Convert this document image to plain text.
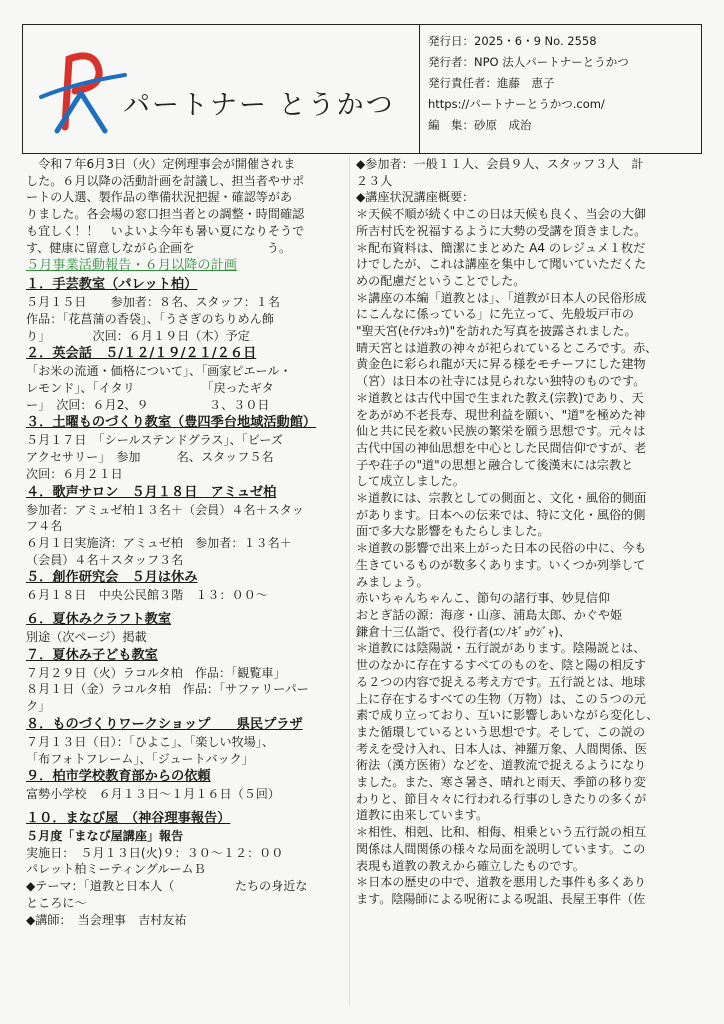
パートナー とうかつ
発行日：2025・6・9 No. 2558
発行者：NPO 法人パートナーとうかつ
発行責任者：進藤　恵子
https://パートナーとうかつ.com/
編　集：砂原　成治

　令和７年6月3日（火）定例理事会が開催されま

した。６月以降の活動計画を討議し、担当者やサポ

ートの人選、製作品の準備状況把握・確認等があ

りました。各会場の窓口担当者との調整・時間確認

も宜しく！！　いよいよ今年も暑い夏になりそうで

す、健康に留意しながら企画を　　　　　　う。

５月事業活動報告・６月以降の計画

１．手芸教室（パレット柏）

５月１５日　　参加者：８名、スタッフ：１名

作品：「花菖蒲の香袋」、「うさぎのちりめん飾

り」　　　　次回：６月１９日（木）予定

２．英会話　５/１２/１９/２１/２６日

「お米の流通・価格について」、「画家ピエール・

レモンド」、「イタリ　　　　　　「戻ったギタ

ー」　次回：６月2、９　　　　　３、３０日

３．土曜ものづくり教室（豊四季台地域活動館）

５月１７日　「シールステンドグラス」、「ビーズ

アクセサリー」　参加　　　名、スタッフ５名

次回：６月２１日

４．歌声サロン　５月１８日　アミュゼ柏

参加者：アミュゼ柏１３名＋（会員）４名＋スタッ

フ４名

６月１日実施済：アミュゼ柏　参加者：１３名＋

（会員）４名＋スタッフ３名

５．創作研究会　５月は休み

６月１８日　中央公民館３階　１３：００～

６．夏休みクラフト教室

別途（次ページ）掲載

７．夏休み子ども教室

７月２９日（火）ラコルタ柏　作品：「観覧車」

８月１日（金）ラコルタ柏　作品：「サファリーパー

ク」

８．ものづくりワークショップ　　県民プラザ

７月１３日（日）：「ひよこ」、「楽しい牧場」、

「布フォトフレーム」、「ジュートバック」

９．柏市学校教育部からの依頼

富勢小学校　６月１３日～１月１６日（５回）

１０．まなび屋　（神谷理事報告）

５月度「まなび屋講座」報告

実施日：　５月１３日(火)９：３０～１２：００

パレット柏ミーティングルームＢ

◆テーマ：「道教と日本人（　　　　　たちの身近な

ところに～

◆講師：　当会理事　吉村友祐

◆参加者：一般１１人、会員９人、スタッフ３人　計

２３人

◆講座状況講座概要：

＊天候不順が続く中この日は天候も良く、当会の大御

所吉村氏を祝福するように大勢の受講を頂きました。

＊配布資料は、簡潔にまとめた A4 のレジュメ１枚だ

けでしたが、これは講座を集中して聞いていただくた

めの配慮だということでした。

＊講座の本編「道教とは」、「道教が日本人の民俗形成

にこんなに係っている」に先立って、先般坂戸市の

"聖天宮(ｾｲﾃﾝｷｭｳ)"を訪れた写真を披露されました。

晴天宮とは道教の神々が祀られているところです。赤、

黄金色に彩られ龍が天に昇る様をモチーフにした建物

（宮）は日本の社寺には見られない独特のものです。

＊道教とは古代中国で生まれた教え(宗教)であり、天

をあがめ不老長寿、現世利益を願い、"道"を極めた神

仙と共に民を救い民族の繁栄を願う思想です。元々は

古代中国の神仙思想を中心とした民間信仰ですが、老

子や荘子の"道"の思想と融合して後漢末には宗教と

して成立しました。

＊道教には、宗教としての側面と、文化・風俗的側面

があります。日本への伝来では、特に文化・風俗的側

面で多大な影響をもたらしました。

＊道教の影響で出来上がった日本の民俗の中に、今も

生きているものが数多くあります。いくつか列挙して

みましょう。

赤いちゃんちゃんこ、節句の諸行事、妙見信仰

おとぎ話の源：海彦・山彦、浦島太郎、かぐや姫

鎌倉十三仏詣で、役行者(ｴﾝﾉｷﾞｮｳｼﾞｬ)、

＊道教には陰陽説・五行説があります。陰陽説とは、

世のなかに存在するすべてのものを、陰と陽の相反す

る２つの内容で捉える考え方です。五行説とは、地球

上に存在するすべての生物（万物）は、この５つの元

素で成り立っており、互いに影響しあいながら変化し、

また循環しているという思想です。そして、この説の

考えを受け入れ、日本人は、神羅万象、人間関係、医

術法（漢方医術）などを、道教流で捉えるようになり

ました。また、寒さ暑さ、晴れと雨天、季節の移り変

わりと、節目々々に行われる行事のしきたりの多くが

道教に由来しています。

＊相性、相剋、比和、相侮、相乗という五行説の相互

関係は人間関係の様々な局面を説明しています。この

表現も道教の教えから確立したものです。

＊日本の歴史の中で、道教を悪用した事件も多くあり

ます。陰陽師による呪術による呪詛、長屋王事件（佐
